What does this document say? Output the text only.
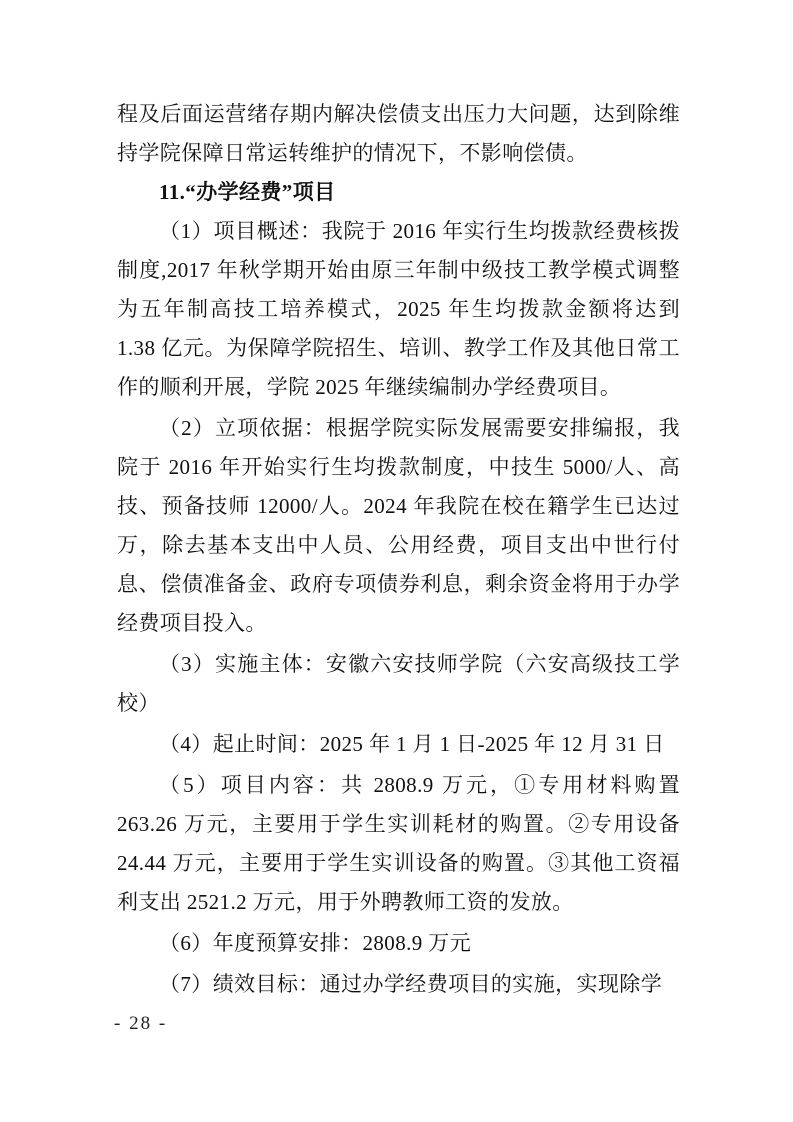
程及后面运营绪存期内解决偿债支出压力大问题，达到除维持学院保障日常运转维护的情况下，不影响偿债。

11.“办学经费”项目

（1）项目概述：我院于 2016 年实行生均拨款经费核拨制度,2017 年秋学期开始由原三年制中级技工教学模式调整为五年制高技工培养模式，2025 年生均拨款金额将达到 1.38 亿元。为保障学院招生、培训、教学工作及其他日常工作的顺利开展，学院 2025 年继续编制办学经费项目。

（2）立项依据：根据学院实际发展需要安排编报，我院于 2016 年开始实行生均拨款制度，中技生 5000/人、高技、预备技师 12000/人。2024 年我院在校在籍学生已达过万，除去基本支出中人员、公用经费，项目支出中世行付息、偿债准备金、政府专项债券利息，剩余资金将用于办学经费项目投入。

（3）实施主体：安徽六安技师学院（六安高级技工学校）

（4）起止时间：2025 年 1 月 1 日-2025 年 12 月 31 日

（5）项目内容：共 2808.9 万元，①专用材料购置 263.26 万元，主要用于学生实训耗材的购置。②专用设备 24.44 万元，主要用于学生实训设备的购置。③其他工资福利支出 2521.2 万元，用于外聘教师工资的发放。

（6）年度预算安排：2808.9 万元

（7）绩效目标：通过办学经费项目的实施，实现除学

- 28 -
